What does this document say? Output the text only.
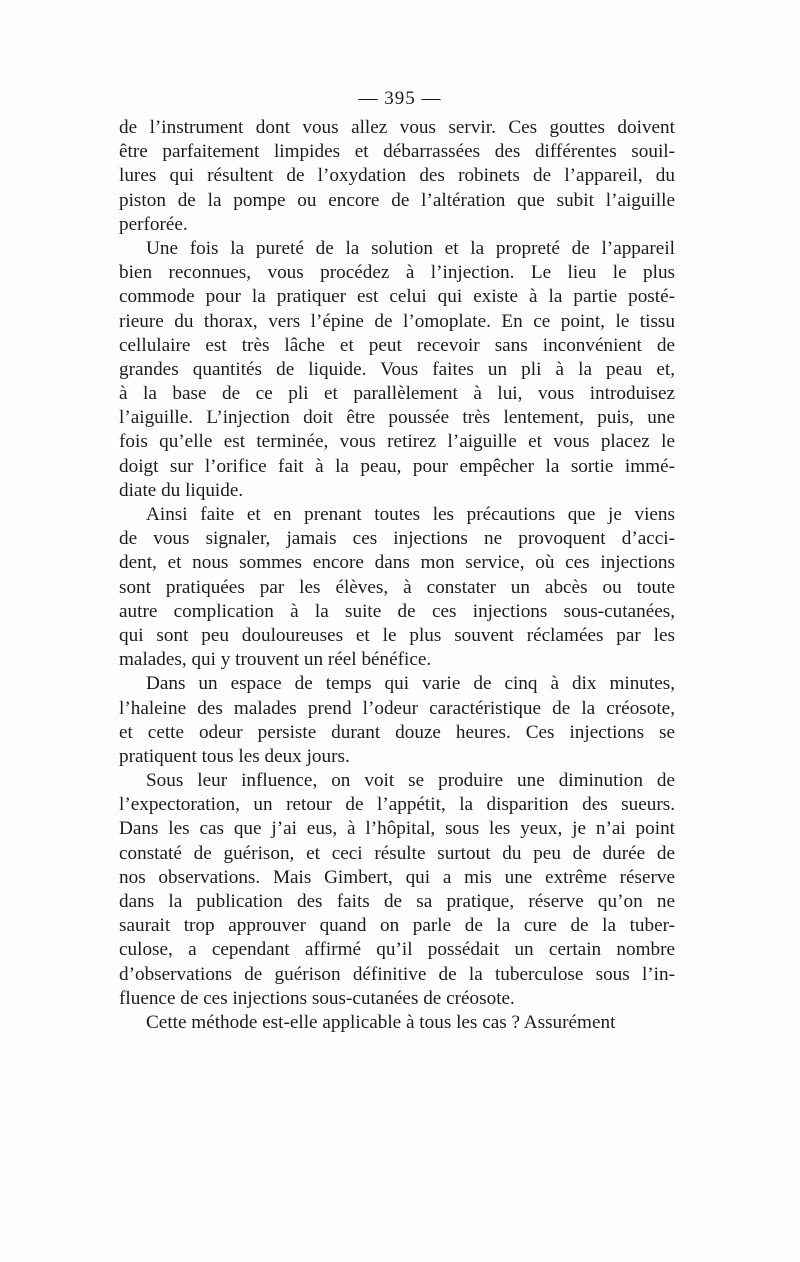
— 395 —
de l’instrument dont vous allez vous servir. Ces gouttes doivent
être parfaitement limpides et débarrassées des différentes souil-
lures qui résultent de l’oxydation des robinets de l’appareil, du
piston de la pompe ou encore de l’altération que subit l’aiguille
perforée.
Une fois la pureté de la solution et la propreté de l’appareil
bien reconnues, vous procédez à l’injection. Le lieu le plus
commode pour la pratiquer est celui qui existe à la partie posté-
rieure du thorax, vers l’épine de l’omoplate. En ce point, le tissu
cellulaire est très lâche et peut recevoir sans inconvénient de
grandes quantités de liquide. Vous faites un pli à la peau et,
à la base de ce pli et parallèlement à lui, vous introduisez
l’aiguille. L’injection doit être poussée très lentement, puis, une
fois qu’elle est terminée, vous retirez l’aiguille et vous placez le
doigt sur l’orifice fait à la peau, pour empêcher la sortie immé-
diate du liquide.
Ainsi faite et en prenant toutes les précautions que je viens
de vous signaler, jamais ces injections ne provoquent d’acci-
dent, et nous sommes encore dans mon service, où ces injections
sont pratiquées par les élèves, à constater un abcès ou toute
autre complication à la suite de ces injections sous-cutanées,
qui sont peu douloureuses et le plus souvent réclamées par les
malades, qui y trouvent un réel bénéfice.
Dans un espace de temps qui varie de cinq à dix minutes,
l’haleine des malades prend l’odeur caractéristique de la créosote,
et cette odeur persiste durant douze heures. Ces injections se
pratiquent tous les deux jours.
Sous leur influence, on voit se produire une diminution de
l’expectoration, un retour de l’appétit, la disparition des sueurs.
Dans les cas que j’ai eus, à l’hôpital, sous les yeux, je n’ai point
constaté de guérison, et ceci résulte surtout du peu de durée de
nos observations. Mais Gimbert, qui a mis une extrême réserve
dans la publication des faits de sa pratique, réserve qu’on ne
saurait trop approuver quand on parle de la cure de la tuber-
culose, a cependant affirmé qu’il possédait un certain nombre
d’observations de guérison définitive de la tuberculose sous l’in-
fluence de ces injections sous-cutanées de créosote.
Cette méthode est-elle applicable à tous les cas ? Assurément
